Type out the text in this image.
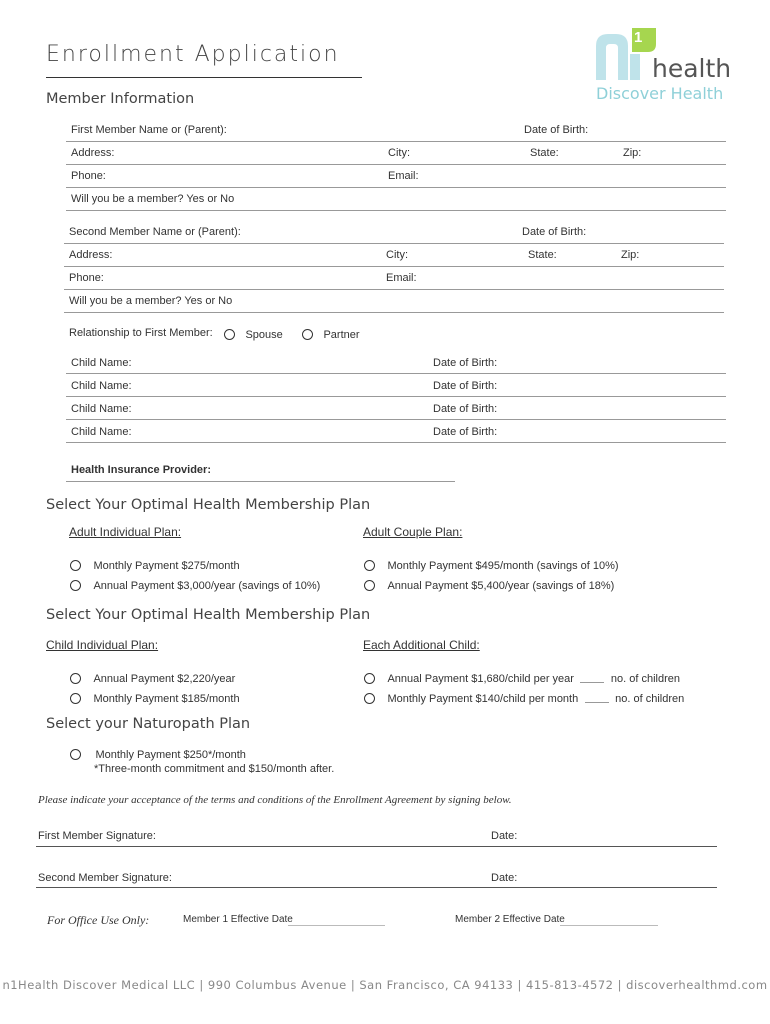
Enrollment Application
1
health
Discover Health
Member Information
First Member Name or (Parent):	Date of Birth:
Address:	City:	State:	Zip:
Phone:	Email:
Will you be a member? Yes or No
Second Member Name or (Parent):	Date of Birth:
Address:	City:	State:	Zip:
Phone:	Email:
Will you be a member? Yes or No
Relationship to First Member:	Spouse	Partner
Child Name:	Date of Birth:
Child Name:	Date of Birth:
Child Name:	Date of Birth:
Child Name:	Date of Birth:
Health Insurance Provider:
Select Your Optimal Health Membership Plan
Adult Individual Plan:	Adult Couple Plan:
Monthly Payment $275/month
Annual Payment $3,000/year (savings of 10%)
Monthly Payment $495/month (savings of 10%)
Annual Payment $5,400/year (savings of 18%)
Select Your Optimal Health Membership Plan
Child Individual Plan:	Each Additional Child:
Annual Payment $2,220/year
Monthly Payment $185/month
Annual Payment $1,680/child per year	no. of children
Monthly Payment $140/child per month	no. of children
Select your Naturopath Plan
Monthly Payment $250*/month
*Three-month commitment and $150/month after.
Please indicate your acceptance of the terms and conditions of the Enrollment Agreement by signing below.
First Member Signature:	Date:
Second Member Signature:	Date:
For Office Use Only:	Member 1 Effective Date	Member 2 Effective Date
n1Health Discover Medical LLC | 990 Columbus Avenue | San Francisco, CA 94133 | 415-813-4572 | discoverhealthmd.com
